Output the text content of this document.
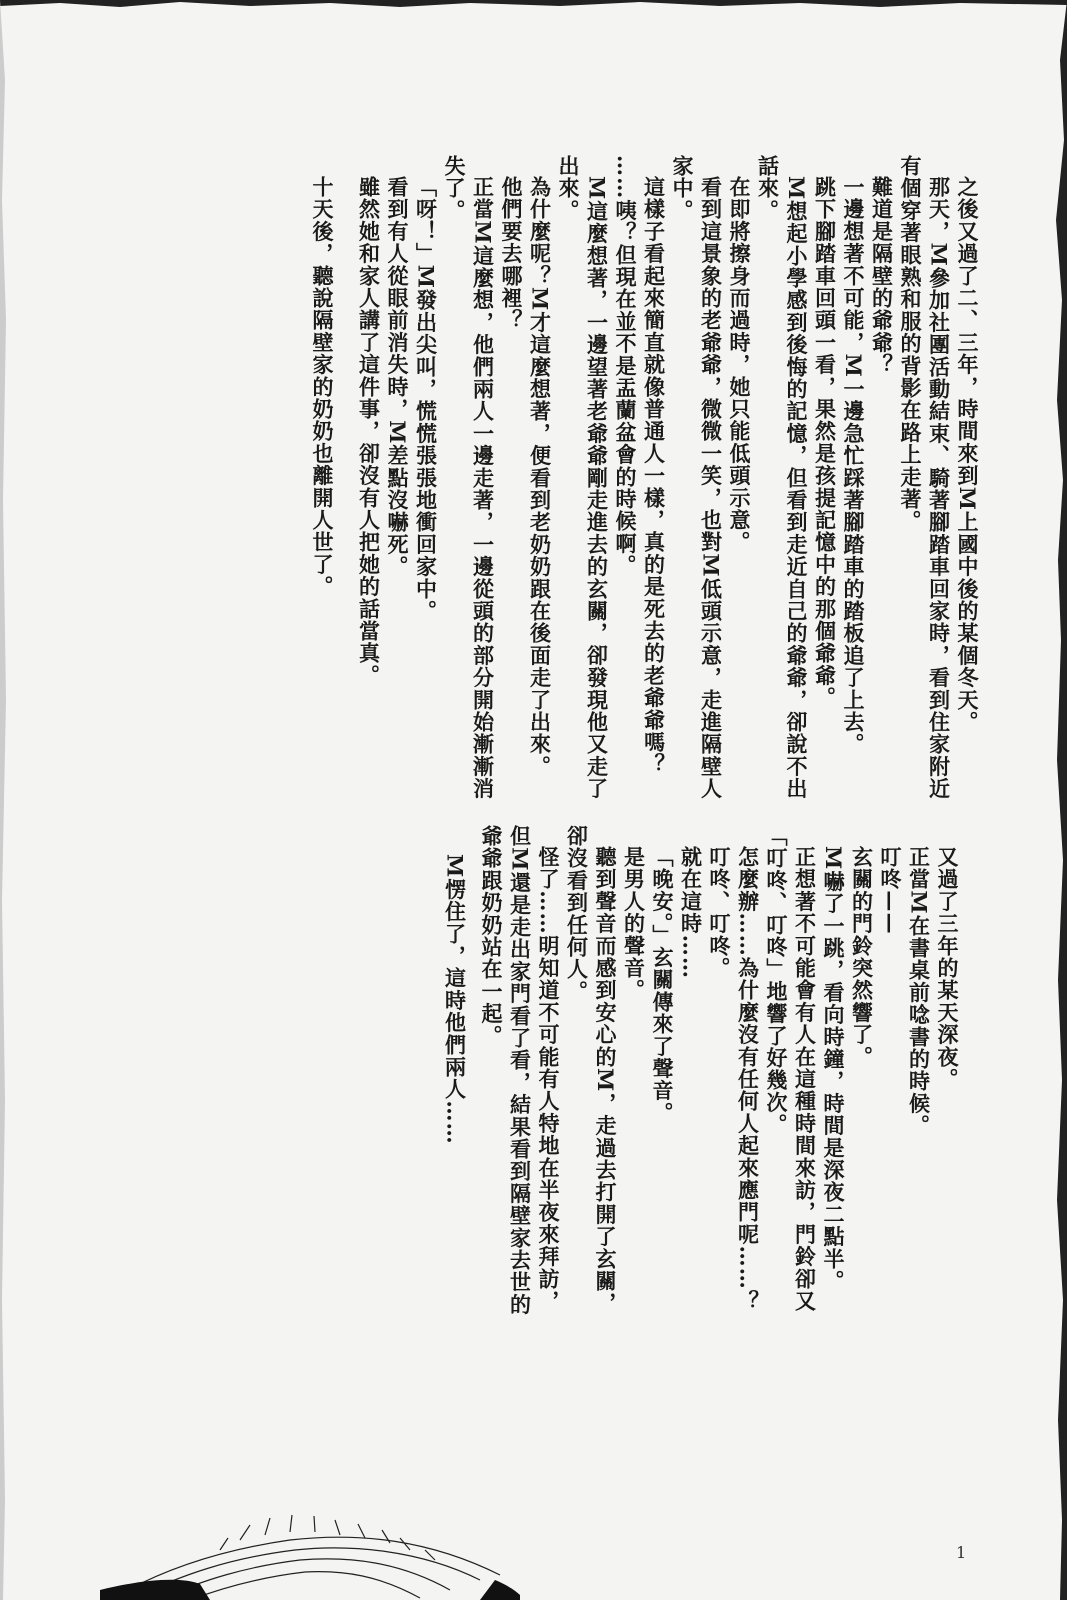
之後又過了二、三年，時間來到M上國中後的某個冬天。

那天，M參加社團活動結束、騎著腳踏車回家時，看到住家附近有個穿著眼熟和服的背影在路上走著。

難道是隔壁的爺爺？

一邊想著不可能，M一邊急忙踩著腳踏車的踏板追了上去。

跳下腳踏車回頭一看，果然是孩提記憶中的那個爺爺。

M想起小學感到後悔的記憶，但看到走近自己的爺爺，卻說不出話來。

在即將擦身而過時，她只能低頭示意。

看到這景象的老爺爺，微微一笑，也對M低頭示意，走進隔壁人家中。

這樣子看起來簡直就像普通人一樣，真的是死去的老爺爺嗎？

……咦？但現在並不是盂蘭盆會的時候啊。

M這麼想著，一邊望著老爺爺剛走進去的玄關，卻發現他又走了出來。

為什麼呢？M才這麼想著，便看到老奶奶跟在後面走了出來。

他們要去哪裡？

正當M這麼想，他們兩人一邊走著，一邊從頭的部分開始漸漸消失了。

「呀！」M發出尖叫，慌慌張張地衝回家中。

看到有人從眼前消失時，M差點沒嚇死。

雖然她和家人講了這件事，卻沒有人把她的話當真。

十天後，聽說隔壁家的奶奶也離開人世了。

又過了三年的某天深夜。

正當M在書桌前唸書的時候。

叮咚——

玄關的門鈴突然響了。

M嚇了一跳，看向時鐘，時間是深夜二點半。

正想著不可能會有人在這種時間來訪，門鈴卻又「叮咚、叮咚」地響了好幾次。

怎麼辦……為什麼沒有任何人起來應門呢……？

叮咚、叮咚。

就在這時……

「晚安。」玄關傳來了聲音。

是男人的聲音。

聽到聲音而感到安心的M，走過去打開了玄關，卻沒看到任何人。

怪了……明知道不可能有人特地在半夜來拜訪，但M還是走出家門看了看，結果看到隔壁家去世的爺爺跟奶奶站在一起。

M愣住了，這時他們兩人……

1
